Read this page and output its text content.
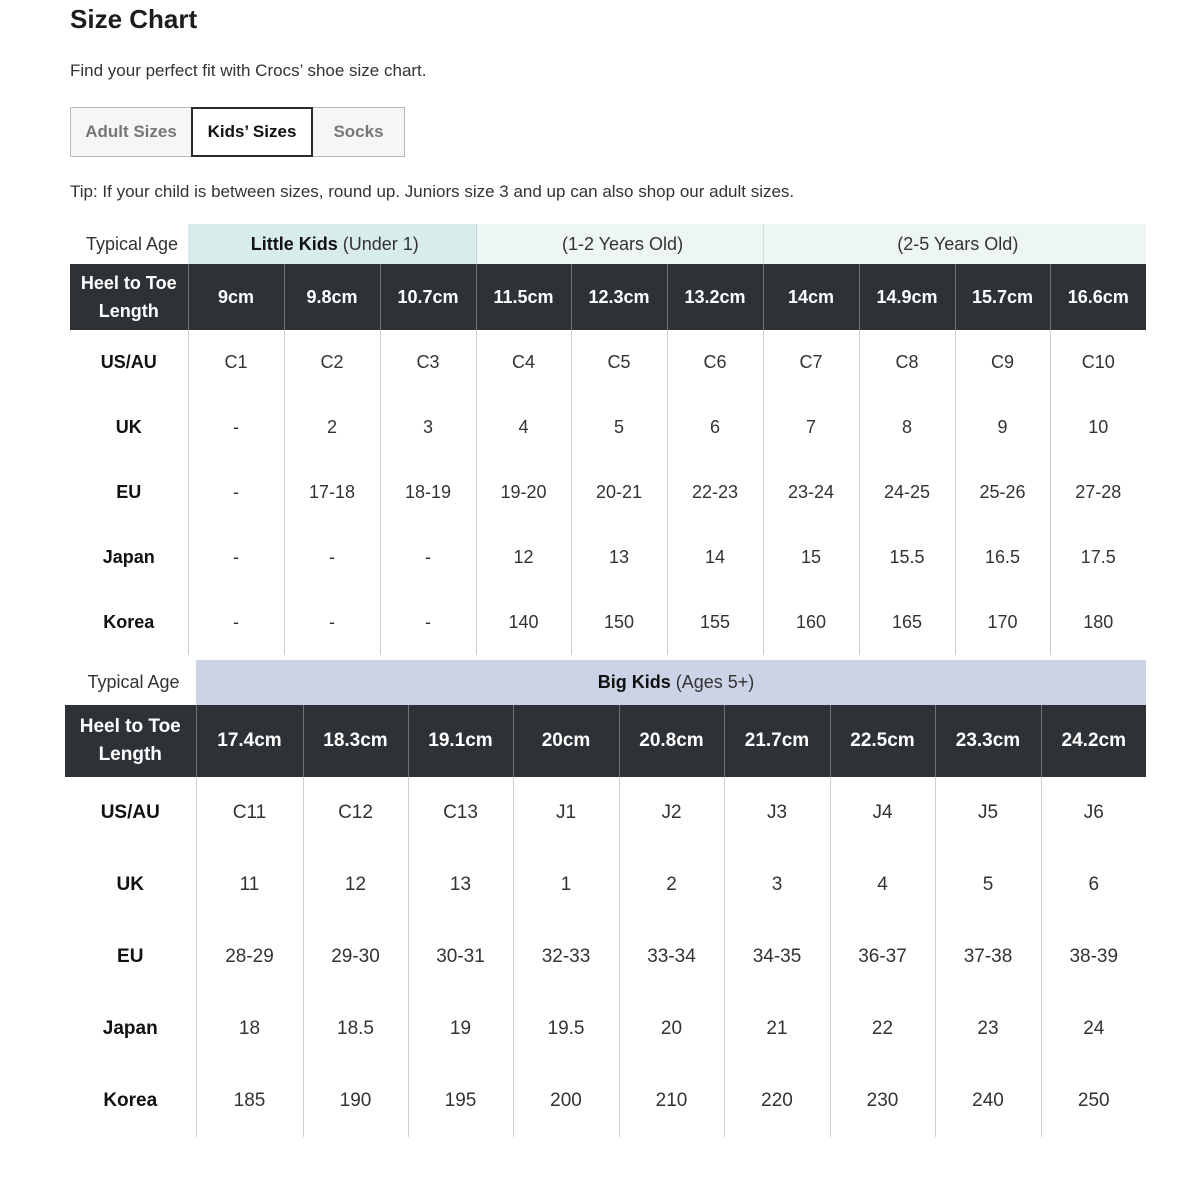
Size Chart

Find your perfect fit with Crocs’ shoe size chart.

Adult Sizes	Kids’ Sizes	Socks

Tip: If your child is between sizes, round up. Juniors size 3 and up can also shop our adult sizes.

Typical Age	Little Kids (Under 1)			(1-2 Years Old)			(2-5 Years Old)			
Heel to Toe Length	9cm	9.8cm	10.7cm	11.5cm	12.3cm	13.2cm	14cm	14.9cm	15.7cm	16.6cm
US/AU	C1	C2	C3	C4	C5	C6	C7	C8	C9	C10
UK	-	2	3	4	5	6	7	8	9	10
EU	-	17-18	18-19	19-20	20-21	22-23	23-24	24-25	25-26	27-28
Japan	-	-	-	12	13	14	15	15.5	16.5	17.5
Korea	-	-	-	140	150	155	160	165	170	180
Typical Age	Big Kids (Ages 5+)								
Heel to Toe Length	17.4cm	18.3cm	19.1cm	20cm	20.8cm	21.7cm	22.5cm	23.3cm	24.2cm
US/AU	C11	C12	C13	J1	J2	J3	J4	J5	J6
UK	11	12	13	1	2	3	4	5	6
EU	28-29	29-30	30-31	32-33	33-34	34-35	36-37	37-38	38-39
Japan	18	18.5	19	19.5	20	21	22	23	24
Korea	185	190	195	200	210	220	230	240	250
